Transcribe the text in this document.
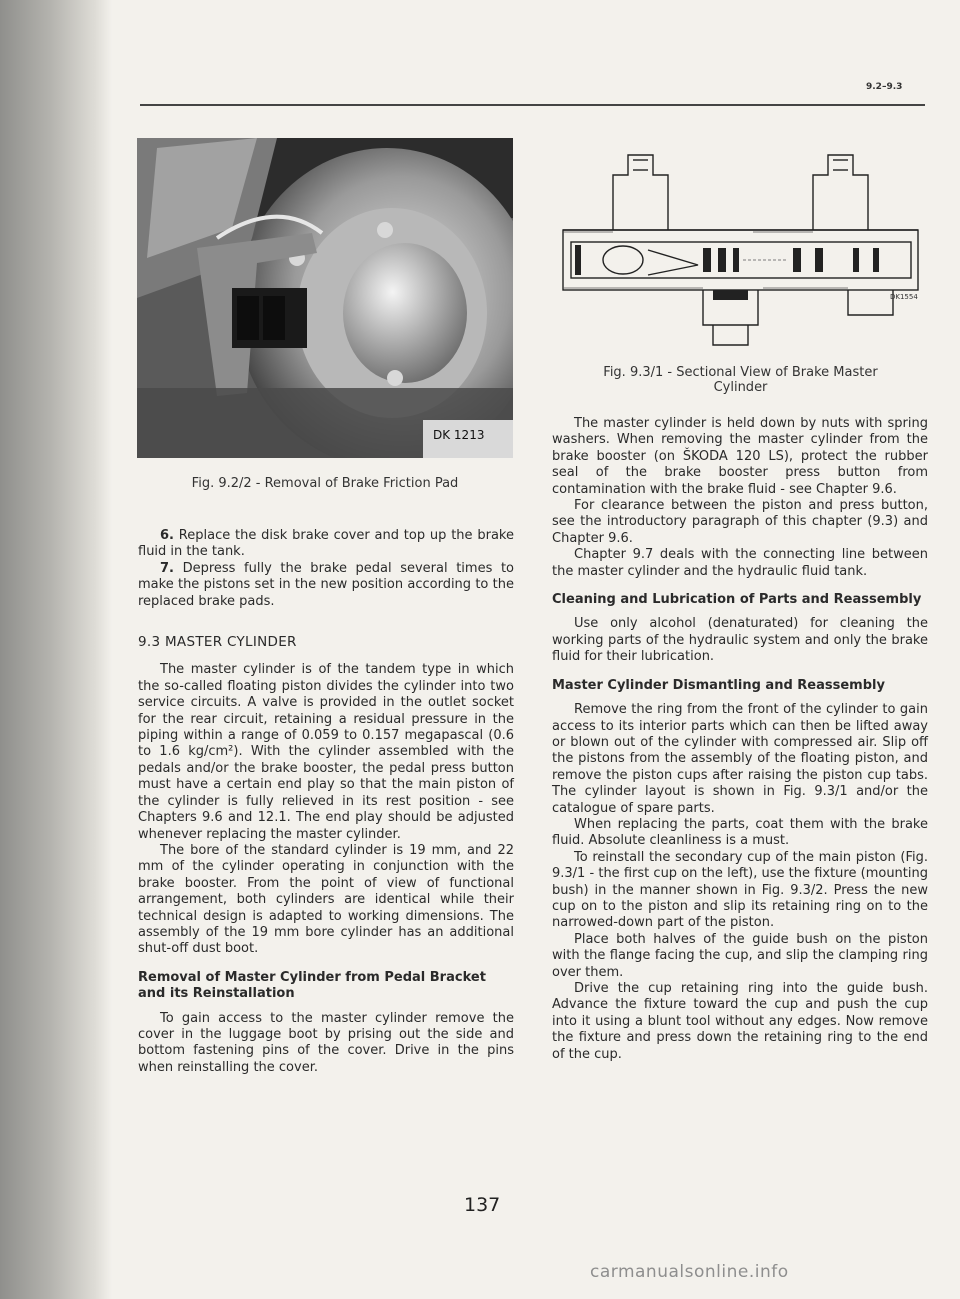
9.2–9.3
DK 1213
Fig. 9.2/2 - Removal of Brake Friction Pad
DK1554
Fig. 9.3/1 - Sectional View of Brake Master
Cylinder

6. Replace the disk brake cover and top up the brake fluid in the tank.

7. Depress fully the brake pedal several times to make the pistons set in the new position according to the replaced brake pads.

9.3 MASTER CYLINDER

The master cylinder is of the tandem type in which the so-called floating piston divides the cylinder into two service circuits. A valve is provided in the outlet socket for the rear circuit, retaining a residual pressure in the piping within a range of 0.059 to 0.157 megapascal (0.6 to 1.6 kg/cm²). With the cylinder assembled with the pedals and/or the brake booster, the pedal press button must have a certain end play so that the main piston of the cylinder is fully relieved in its rest position - see Chapters 9.6 and 12.1. The end play should be adjusted whenever replacing the master cylinder.

The bore of the standard cylinder is 19 mm, and 22 mm of the cylinder operating in conjunction with the brake booster. From the point of view of functional arrangement, both cylinders are identical while their technical design is adapted to working dimensions. The assembly of the 19 mm bore cylinder has an additional shut-off dust boot.

Removal of Master Cylinder from Pedal Bracket and its Reinstallation

To gain access to the master cylinder remove the cover in the luggage boot by prising out the side and bottom fastening pins of the cover. Drive in the pins when reinstalling the cover.

The master cylinder is held down by nuts with spring washers. When removing the master cylinder from the brake booster (on ŠKODA 120 LS), protect the rubber seal of the brake booster press button from contamination with the brake fluid - see Chapter 9.6.

For clearance between the piston and press button, see the introductory paragraph of this chapter (9.3) and Chapter 9.6.

Chapter 9.7 deals with the connecting line between the master cylinder and the hydraulic fluid tank.

Cleaning and Lubrication of Parts and Reassembly

Use only alcohol (denaturated) for cleaning the working parts of the hydraulic system and only the brake fluid for their lubrication.

Master Cylinder Dismantling and Reassembly

Remove the ring from the front of the cylinder to gain access to its interior parts which can then be lifted away or blown out of the cylinder with compressed air. Slip off the pistons from the assembly of the floating piston, and remove the piston cups after raising the piston cup tabs. The cylinder layout is shown in Fig. 9.3/1 and/or the catalogue of spare parts.

When replacing the parts, coat them with the brake fluid. Absolute cleanliness is a must.

To reinstall the secondary cup of the main piston (Fig. 9.3/1 - the first cup on the left), use the fixture (mounting bush) in the manner shown in Fig. 9.3/2. Press the new cup on to the piston and slip its retaining ring on to the narrowed-down part of the piston.

Place both halves of the guide bush on the piston with the flange facing the cup, and slip the clamping ring over them.

Drive the cup retaining ring into the guide bush. Advance the fixture toward the cup and push the cup into it using a blunt tool without any edges. Now remove the fixture and press down the retaining ring to the end of the cup.

137
carmanualsonline.info
